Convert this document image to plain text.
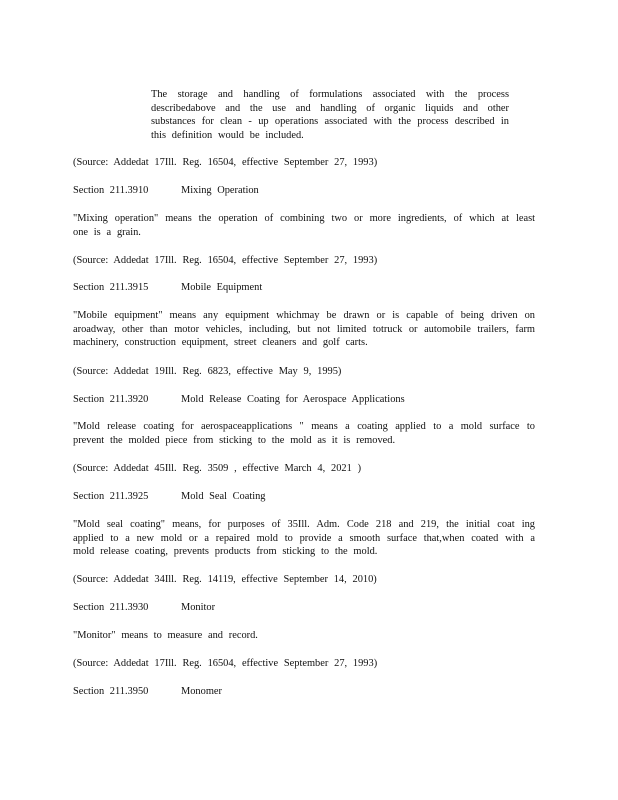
The storage and handling of formulations associated with the process describedabove and the use and handling of organic liquids and other substances for clean - up operations associated with the process described in this definition would be included.

(Source: Addedat 17Ill. Reg. 16504, effective September 27, 1993)

Section 211.3910	Mixing Operation

"Mixing operation" means the operation of combining two or more ingredients, of which at least one is a grain.

(Source: Addedat 17Ill. Reg. 16504, effective September 27, 1993)

Section 211.3915	Mobile Equipment

"Mobile equipment" means any equipment whichmay be drawn or is capable of being driven on aroadway, other than motor vehicles, including, but not limited totruck or automobile trailers, farm machinery, construction equipment, street cleaners and golf carts.

(Source: Addedat 19Ill. Reg. 6823, effective May 9, 1995)

Section 211.3920	Mold Release Coating for Aerospace Applications

"Mold release coating for aerospaceapplications " means a coating applied to a mold surface to prevent the molded piece from sticking to the mold as it is removed.

(Source: Addedat 45Ill. Reg. 3509 , effective March 4, 2021 )

Section 211.3925	Mold Seal Coating

"Mold seal coating" means, for purposes of 35Ill. Adm. Code 218 and 219, the initial coat ing applied to a new mold or a repaired mold to provide a smooth surface that,when coated with a mold release coating, prevents products from sticking to the mold.

(Source: Addedat 34Ill. Reg. 14119, effective September 14, 2010)

Section 211.3930	Monitor

"Monitor" means to measure and record.

(Source: Addedat 17Ill. Reg. 16504, effective September 27, 1993)

Section 211.3950	Monomer
